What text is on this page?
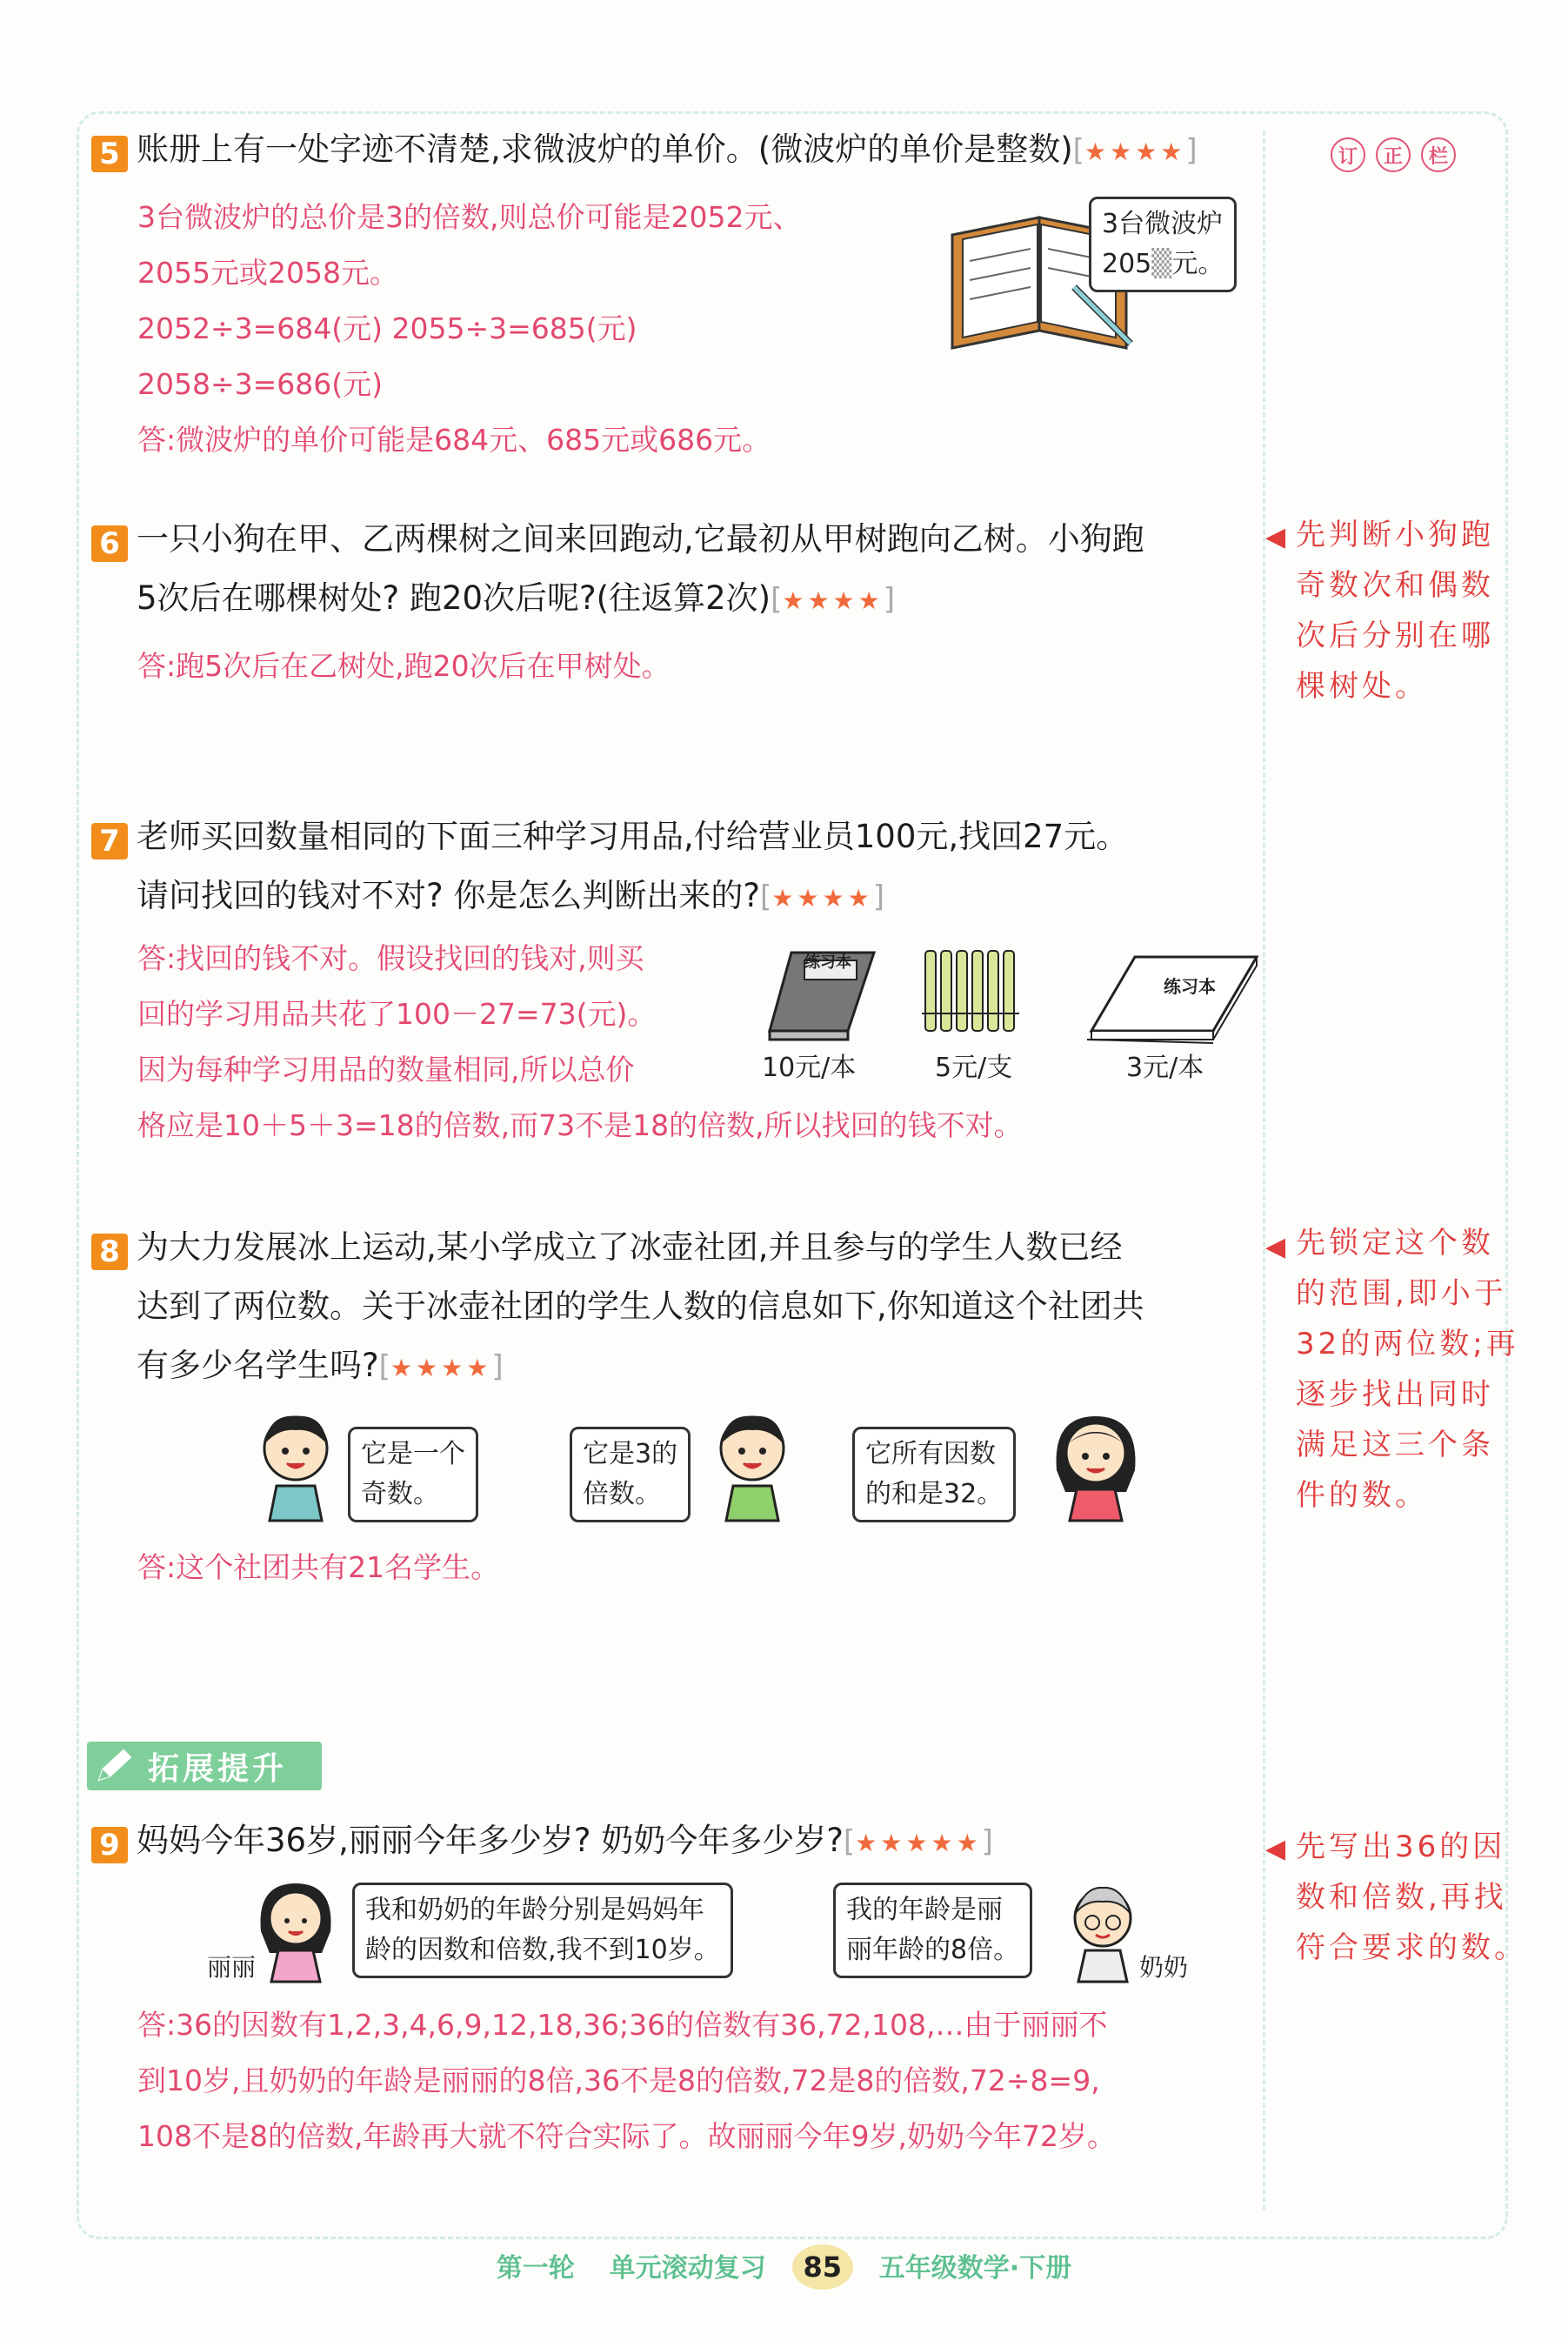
订	正	栏
5 账册上有一处字迹不清楚,求微波炉的单价。(微波炉的单价是整数)[★★★★]
3台微波炉的总价是3的倍数,则总价可能是2052元、
2055元或2058元。
2052÷3=684(元) 2055÷3=685(元)
2058÷3=686(元)
答:微波炉的单价可能是684元、685元或686元。
3台微波炉
205▒元。
6 一只小狗在甲、乙两棵树之间来回跑动,它最初从甲树跑向乙树。小狗跑
5次后在哪棵树处? 跑20次后呢?(往返算2次)[★★★★]
答:跑5次后在乙树处,跑20次后在甲树处。
◀ 先判断小狗跑
奇数次和偶数
次后分别在哪
棵树处。
7 老师买回数量相同的下面三种学习用品,付给营业员100元,找回27元。
请问找回的钱对不对? 你是怎么判断出来的?[★★★★]
答:找回的钱不对。假设找回的钱对,则买
回的学习用品共花了100－27=73(元)。
因为每种学习用品的数量相同,所以总价
格应是10＋5＋3=18的倍数,而73不是18的倍数,所以找回的钱不对。
练习本
练习本
10元/本	5元/支	3元/本
8 为大力发展冰上运动,某小学成立了冰壶社团,并且参与的学生人数已经
达到了两位数。关于冰壶社团的学生人数的信息如下,你知道这个社团共
有多少名学生吗?[★★★★]
◀ 先锁定这个数
的范围,即小于
32的两位数;再
逐步找出同时
满足这三个条
件的数。
它是一个
奇数。
它是3的
倍数。
它所有因数
的和是32。
答:这个社团共有21名学生。
拓展提升
9 妈妈今年36岁,丽丽今年多少岁? 奶奶今年多少岁?[★★★★★]	◀ 先写出36的因
数和倍数,再找
符合要求的数。
丽丽
我和奶奶的年龄分别是妈妈年
龄的因数和倍数,我不到10岁。
我的年龄是丽
丽年龄的8倍。
奶奶
答:36的因数有1,2,3,4,6,9,12,18,36;36的倍数有36,72,108,…由于丽丽不
到10岁,且奶奶的年龄是丽丽的8倍,36不是8的倍数,72是8的倍数,72÷8=9,
108不是8的倍数,年龄再大就不符合实际了。故丽丽今年9岁,奶奶今年72岁。
第一轮 单元滚动复习 85 五年级数学·下册
